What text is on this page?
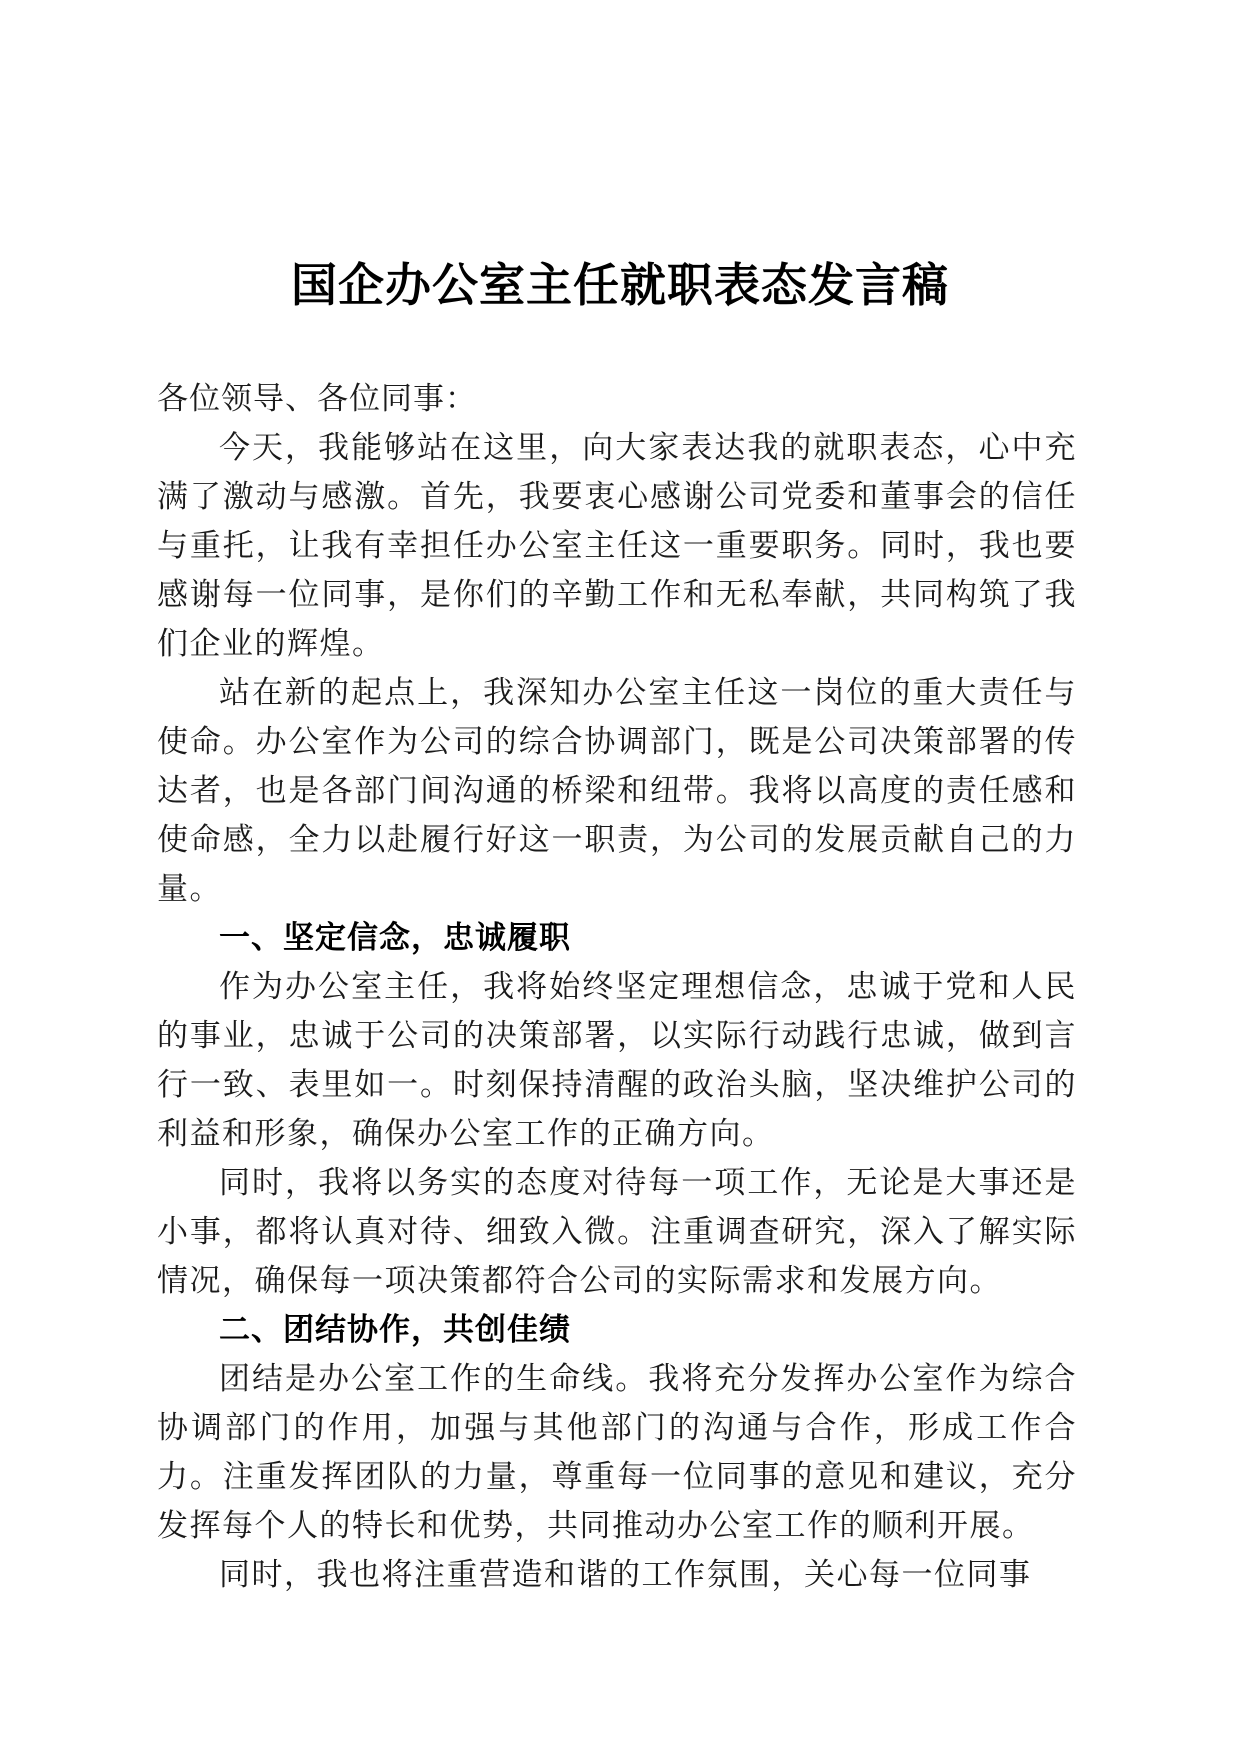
国企办公室主任就职表态发言稿

各位领导、各位同事：

今天，我能够站在这里，向大家表达我的就职表态，心中充满了激动与感激。首先，我要衷心感谢公司党委和董事会的信任与重托，让我有幸担任办公室主任这一重要职务。同时，我也要感谢每一位同事，是你们的辛勤工作和无私奉献，共同构筑了我们企业的辉煌。

站在新的起点上，我深知办公室主任这一岗位的重大责任与使命。办公室作为公司的综合协调部门，既是公司决策部署的传达者，也是各部门间沟通的桥梁和纽带。我将以高度的责任感和使命感，全力以赴履行好这一职责，为公司的发展贡献自己的力量。

一、坚定信念，忠诚履职

作为办公室主任，我将始终坚定理想信念，忠诚于党和人民的事业，忠诚于公司的决策部署，以实际行动践行忠诚，做到言行一致、表里如一。时刻保持清醒的政治头脑，坚决维护公司的利益和形象，确保办公室工作的正确方向。

同时，我将以务实的态度对待每一项工作，无论是大事还是小事，都将认真对待、细致入微。注重调查研究，深入了解实际情况，确保每一项决策都符合公司的实际需求和发展方向。

二、团结协作，共创佳绩

团结是办公室工作的生命线。我将充分发挥办公室作为综合协调部门的作用，加强与其他部门的沟通与合作，形成工作合力。注重发挥团队的力量，尊重每一位同事的意见和建议，充分发挥每个人的特长和优势，共同推动办公室工作的顺利开展。

同时，我也将注重营造和谐的工作氛围，关心每一位同事
